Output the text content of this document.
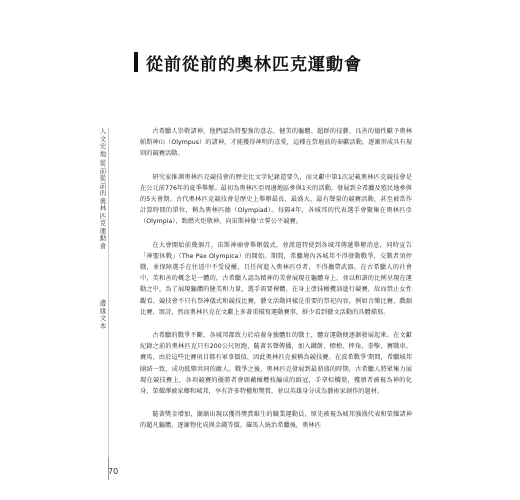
從前從前的奧林匹克運動會
人文史地
從前從前的奧林匹克運動會
邊緣文本

古希臘人崇敬諸神，他們認為將聖強的意志、健美的軀體、超群的技藝、良善的德性獻予奧林帕斯神山（Olympus）的諸神，才能獲得神明的喜愛，這種在祭壇前的奉獻活動，逐漸形成具有規則的競賽活動。

研究家推測奧林匹克競技會的歷史比文字紀錄還要久，而文獻中第1次記載奧林匹克競技會是在公元前776年的夏季舉辦。最初為奧林匹亞周邊地區參與1天的活動，發展到全希臘及殖民地參與的5天會期。古代奧林匹克競技會是歷史上舉辦最長、最盛大、最有聲量的競賽活動，甚至被當作計算時間的單位，稱為奧林匹德（Olympiad）。每隔4年，各城邦的代表選手會聚集在奧林匹亞（Olympia），點燃火炬敬神，向宙斯神像'立誓公平競賽。

在大會開始前幾個月，宙斯神廟會舉辦儀式，並派遣特使到各城邦傳遞舉辦消息，同時宣告「神聖休戰」（The Pax Olympica）的開始。期間，希臘境內各城邦不得發動戰爭，交戰者須停戰，並保障選手在往返中不受侵擾，且任何進入奧林匹亞者，不得攜帶武器。在古希臘人的社會中，美和善的概念是一體的，古希臘人認為精神的美會展現在軀體身上，並以和諧的比例呈現在運動之中，為了展現軀體的健美和力量，選手需要裸體、在身上塗抹橄欖油進行競賽，故而禁止女性觀看。競技會不只有祭神儀式和競技比賽，藝文活動同樣是重要的祭祀內容，例如音樂比賽、戲劇比賽、頌詩，然而奧林匹克在文獻上多著重描寫運動賽事，鮮少看到藝文活動的具體描寫。

古希臘的戰爭不斷，各城邦都致力於培養身強體壯的戰士，體育運動便逐漸發展起來。在文獻紀錄之前的奧林匹克只有200公尺短跑，隨著名聲傳播，加入鐵餅、標槍、摔角、拳擊、賽戰車、賽馬，由於這些比賽項目都有軍事價值，因此奧林匹克被稱為競技賽。在波希戰爭'期間，希臘城邦團結一致，成功抵禦共同的敵人。戰爭之後，奧林匹克發展到最鼎盛的時期，古希臘人將眾集力展現在競技賽上，各項競賽的優勝者會頭戴橄欖枝編成的頭冠，手拿棕櫚葉，獲頒者被視為神的化身，榮耀澤被家鄉和城邦，享有許多特權和獎賞，並以英雄身分成為藝術家創作的題材。

隨著獎金增加，漸漸出現以獲得獎賞維生的職業運動員，原先被視為城邦強盛代表和榮耀諸神的超凡軀體，逐漸物化成與金錢等價。羅馬人統治希臘後，奧林匹

70
